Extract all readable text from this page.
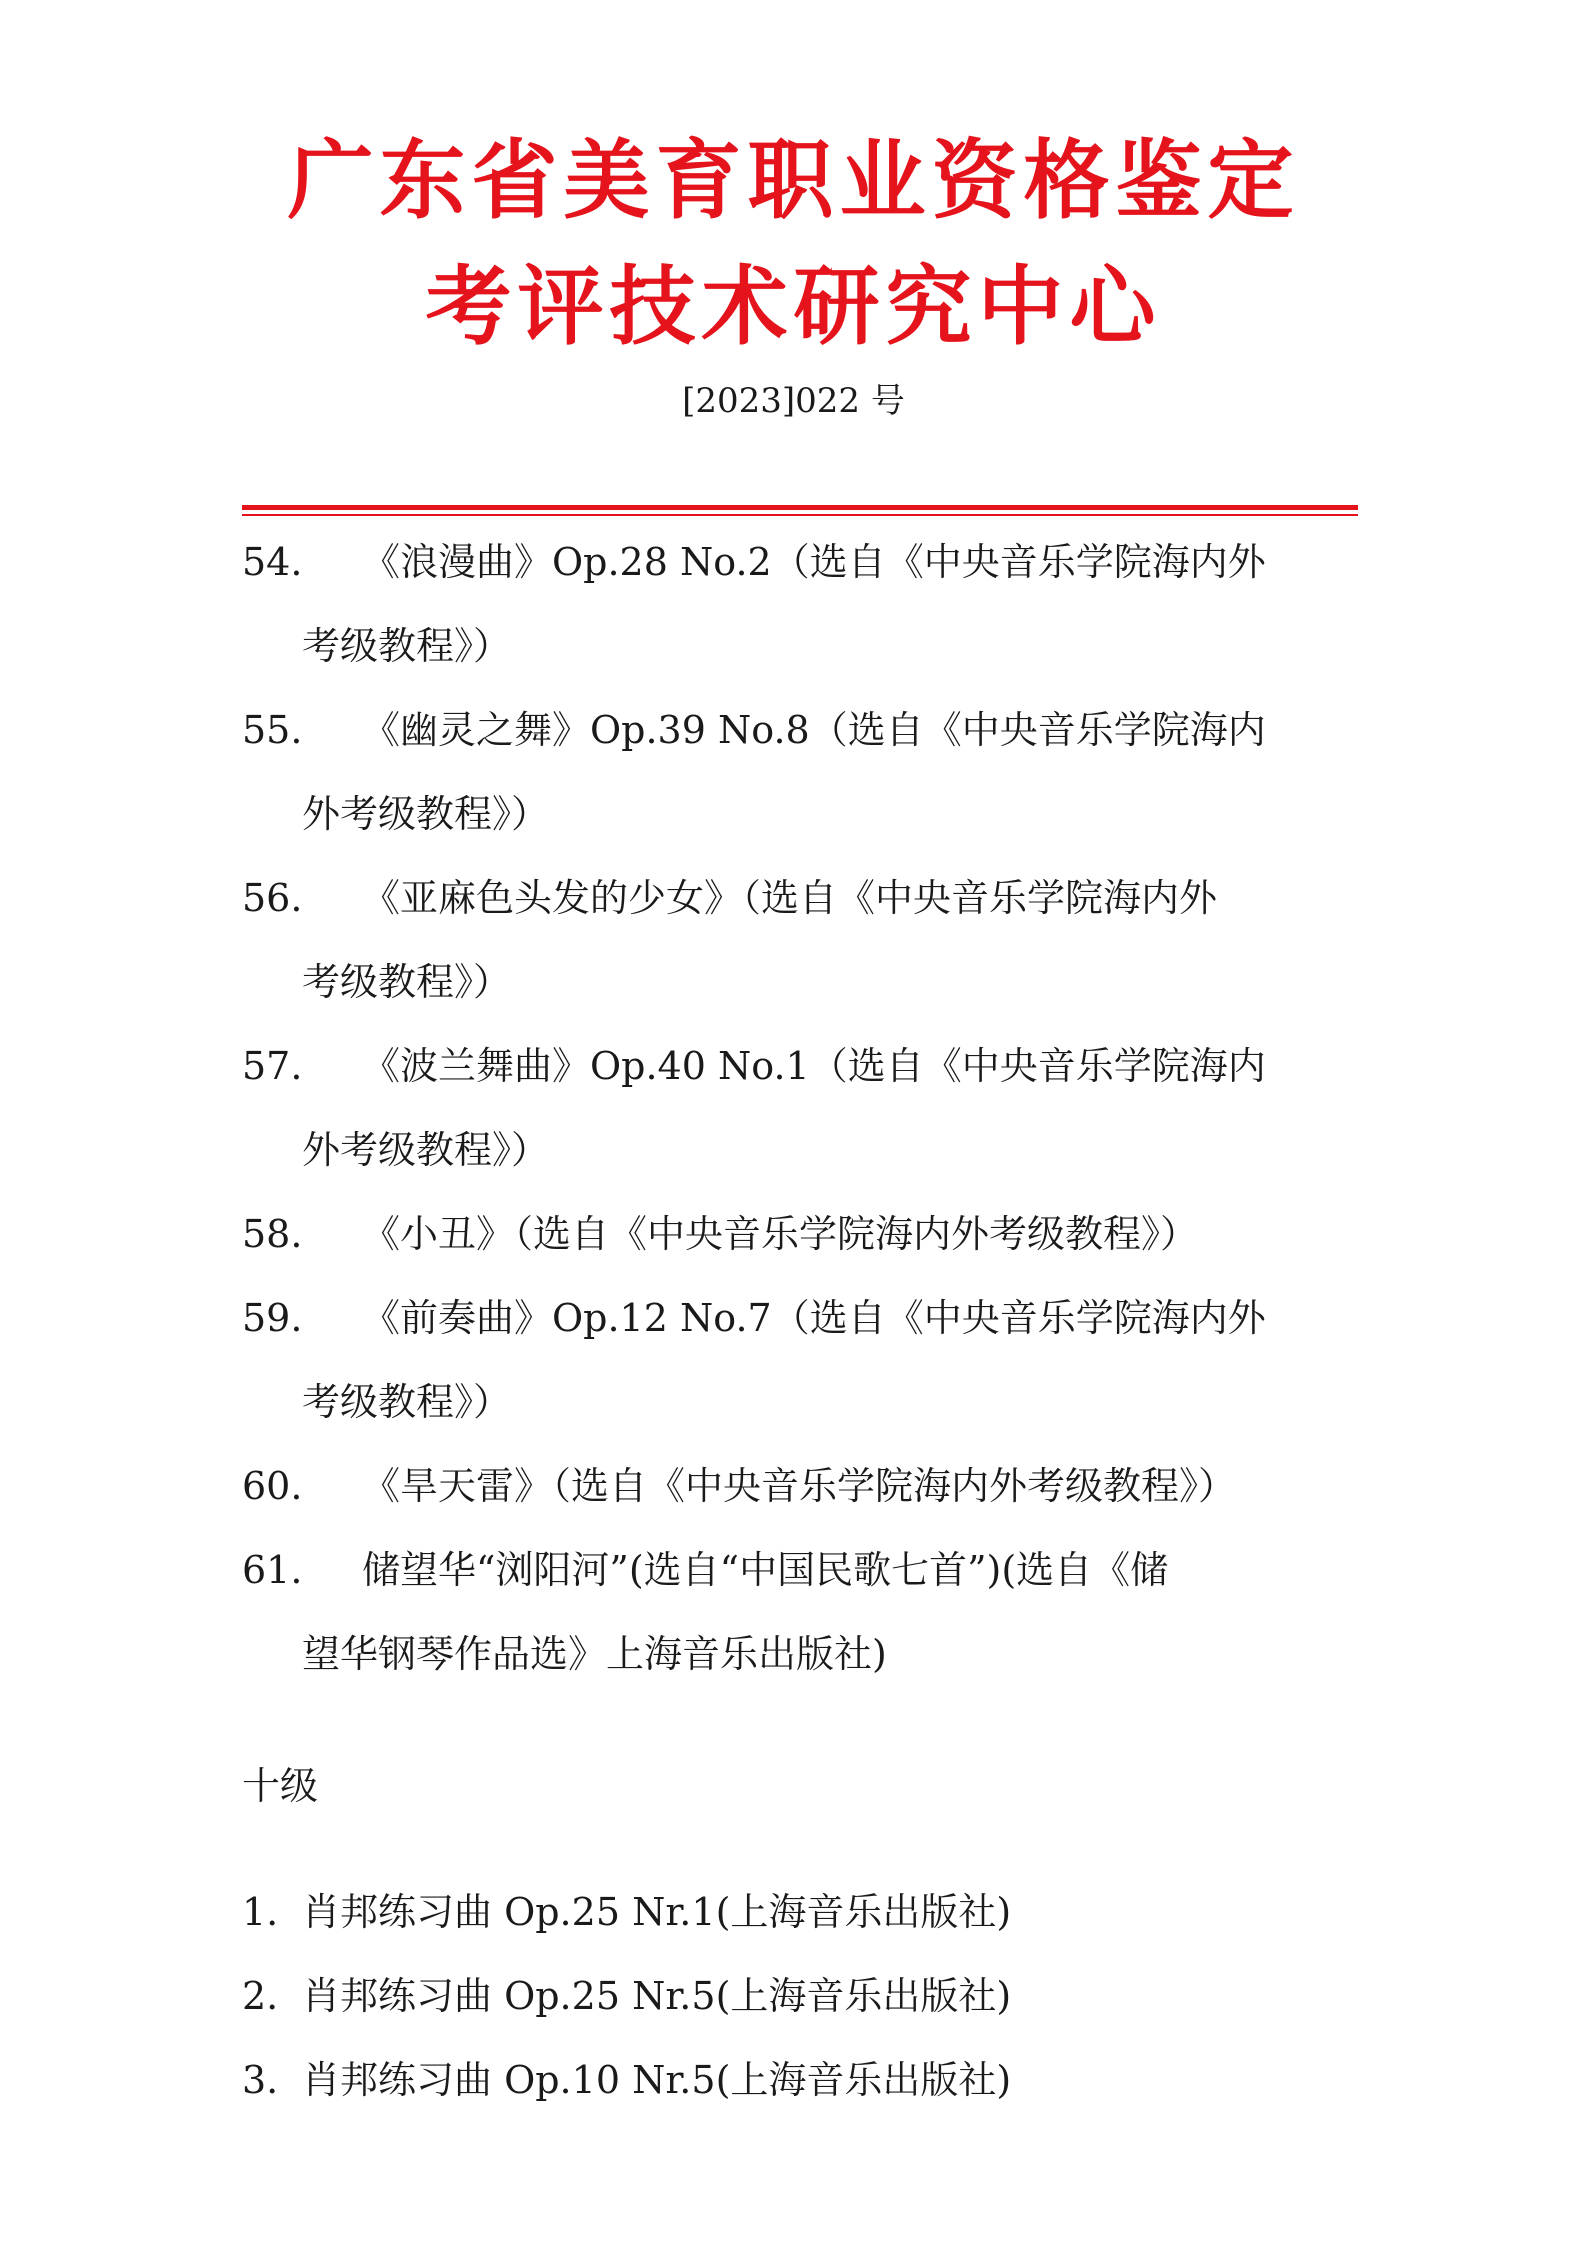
广东省美育职业资格鉴定
考评技术研究中心
[2023]022 号
54. 《浪漫曲》Op.28 No.2（选自《中央音乐学院海内外
考级教程》）
55. 《幽灵之舞》Op.39 No.8（选自《中央音乐学院海内
外考级教程》）
56. 《亚麻色头发的少女》（选自《中央音乐学院海内外
考级教程》）
57. 《波兰舞曲》Op.40 No.1（选自《中央音乐学院海内
外考级教程》）
58. 《小丑》（选自《中央音乐学院海内外考级教程》）
59. 《前奏曲》Op.12 No.7（选自《中央音乐学院海内外
考级教程》）
60. 《旱天雷》（选自《中央音乐学院海内外考级教程》）
61. 储望华“浏阳河”(选自“中国民歌七首”)(选自《储
望华钢琴作品选》上海音乐出版社)
十级
1. 肖邦练习曲 Op.25 Nr.1(上海音乐出版社)
2. 肖邦练习曲 Op.25 Nr.5(上海音乐出版社)
3. 肖邦练习曲 Op.10 Nr.5(上海音乐出版社)
